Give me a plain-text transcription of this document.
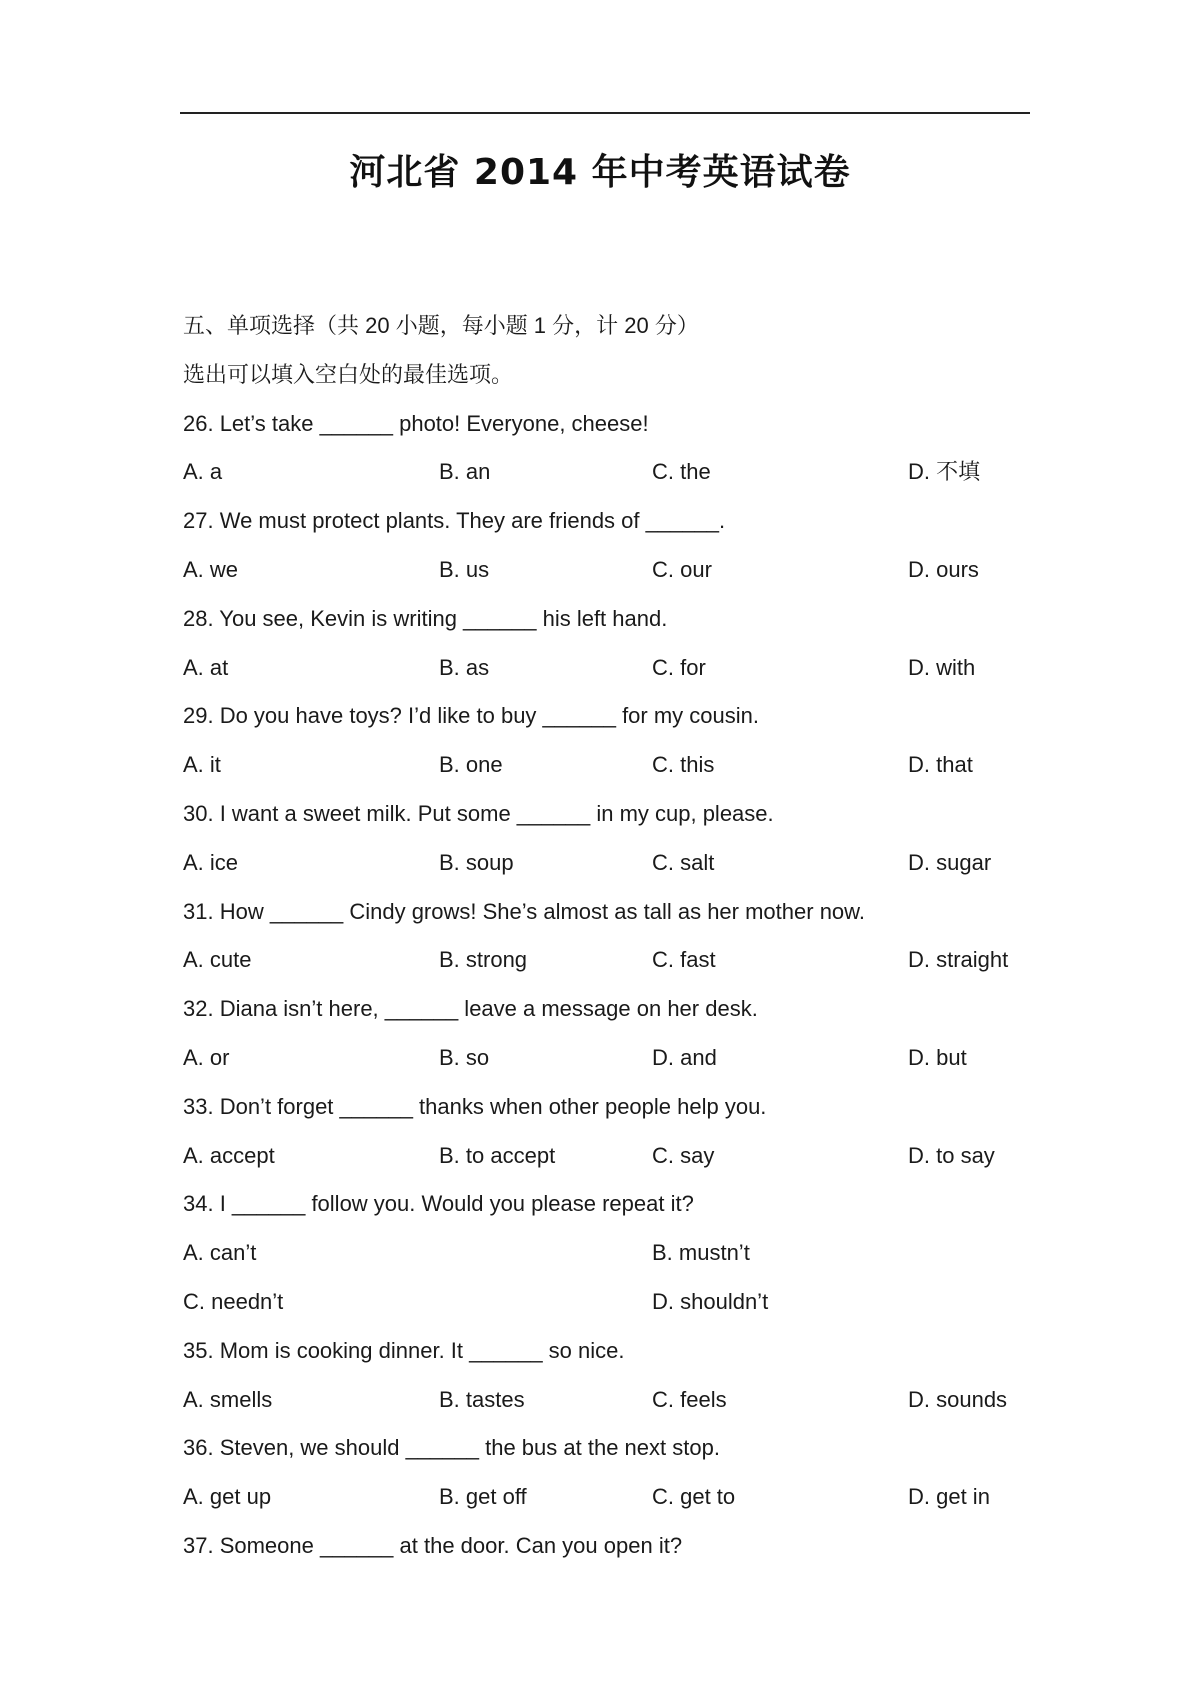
河北省 2014 年中考英语试卷
五、单项选择（共 20 小题，每小题 1 分，计 20 分）
选出可以填入空白处的最佳选项。
26. Let’s take ______ photo! Everyone, cheese!
A. a	B. an	C. the	D. 不填
27. We must protect plants. They are friends of ______.
A. we	B. us	C. our	D. ours
28. You see, Kevin is writing ______ his left hand.
A. at	B. as	C. for	D. with
29. Do you have toys? I’d like to buy ______ for my cousin.
A. it	B. one	C. this	D. that
30. I want a sweet milk. Put some ______ in my cup, please.
A. ice	B. soup	C. salt	D. sugar
31. How ______ Cindy grows! She’s almost as tall as her mother now.
A. cute	B. strong	C. fast	D. straight
32. Diana isn’t here, ______ leave a message on her desk.
A. or	B. so	D. and	D. but
33. Don’t forget ______ thanks when other people help you.
A. accept	B. to accept	C. say	D. to say
34. I ______ follow you. Would you please repeat it?
A. can’t	B. mustn’t
C. needn’t	D. shouldn’t
35. Mom is cooking dinner. It ______ so nice.
A. smells	B. tastes	C. feels	D. sounds
36. Steven, we should ______ the bus at the next stop.
A. get up	B. get off	C. get to	D. get in
37. Someone ______ at the door. Can you open it?
